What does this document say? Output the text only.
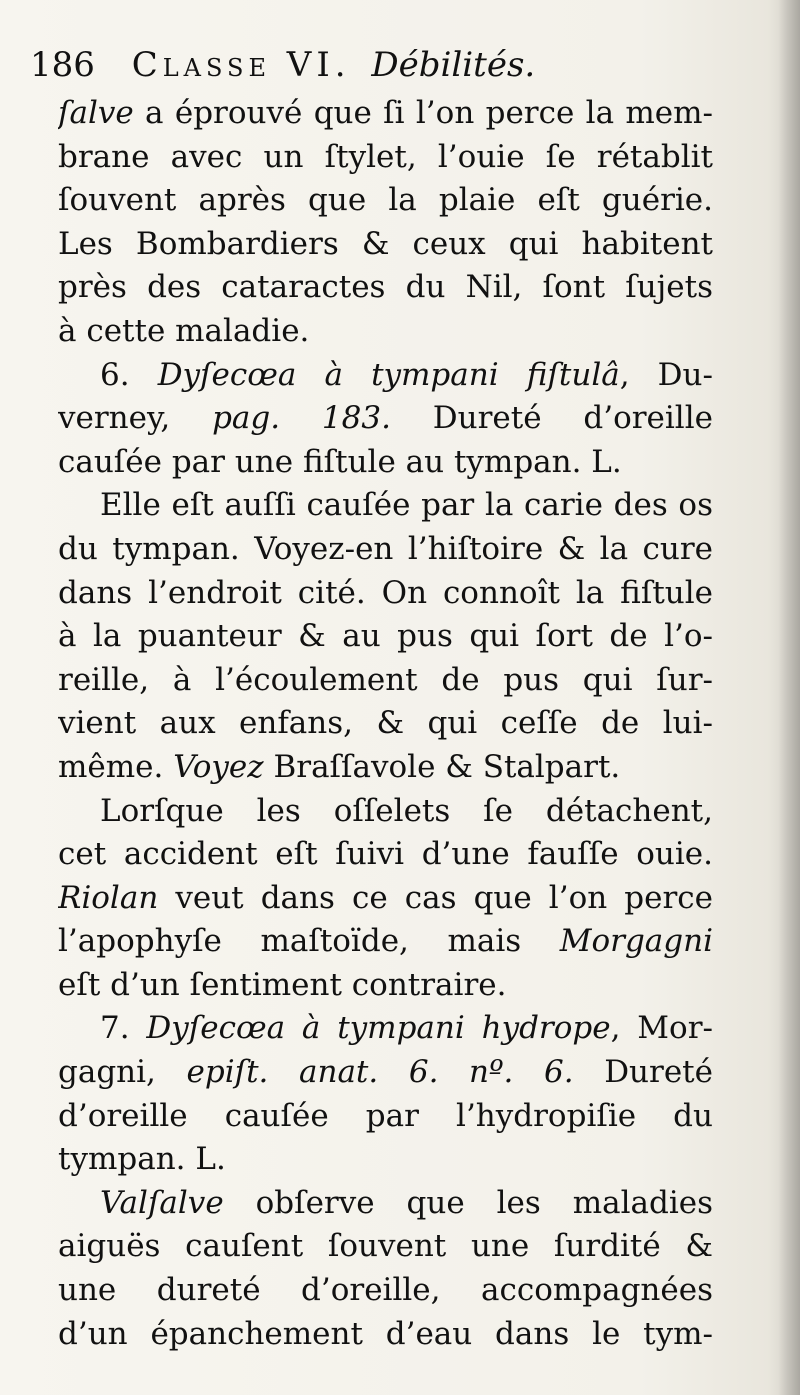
186 Classe VI. Débilités.
ſalve a éprouvé que ſi l’on perce la mem-
brane avec un ſtylet, l’ouie ſe rétablit
ſouvent après que la plaie eſt guérie.
Les Bombardiers & ceux qui habitent
près des cataractes du Nil, ſont ſujets
à cette maladie.
6. Dyſecœa à tympani fiſtulâ, Du-
verney, pag. 183. Dureté d’oreille
cauſée par une fiſtule au tympan. L.
Elle eſt auſſi cauſée par la carie des os
du tympan. Voyez-en l’hiſtoire & la cure
dans l’endroit cité. On connoît la fiſtule
à la puanteur & au pus qui ſort de l’o-
reille, à l’écoulement de pus qui ſur-
vient aux enfans, & qui ceſſe de lui-
même. Voyez Braſſavole & Stalpart.
Lorſque les oſſelets ſe détachent,
cet accident eſt ſuivi d’une fauſſe ouie.
Riolan veut dans ce cas que l’on perce
l’apophyſe maſtoïde, mais Morgagni
eſt d’un ſentiment contraire.
7. Dyſecœa à tympani hydrope, Mor-
gagni, epiſt. anat. 6. nº. 6. Dureté
d’oreille cauſée par l’hydropiſie du
tympan. L.
Valſalve obſerve que les maladies
aiguës cauſent ſouvent une ſurdité &
une dureté d’oreille, accompagnées
d’un épanchement d’eau dans le tym-
